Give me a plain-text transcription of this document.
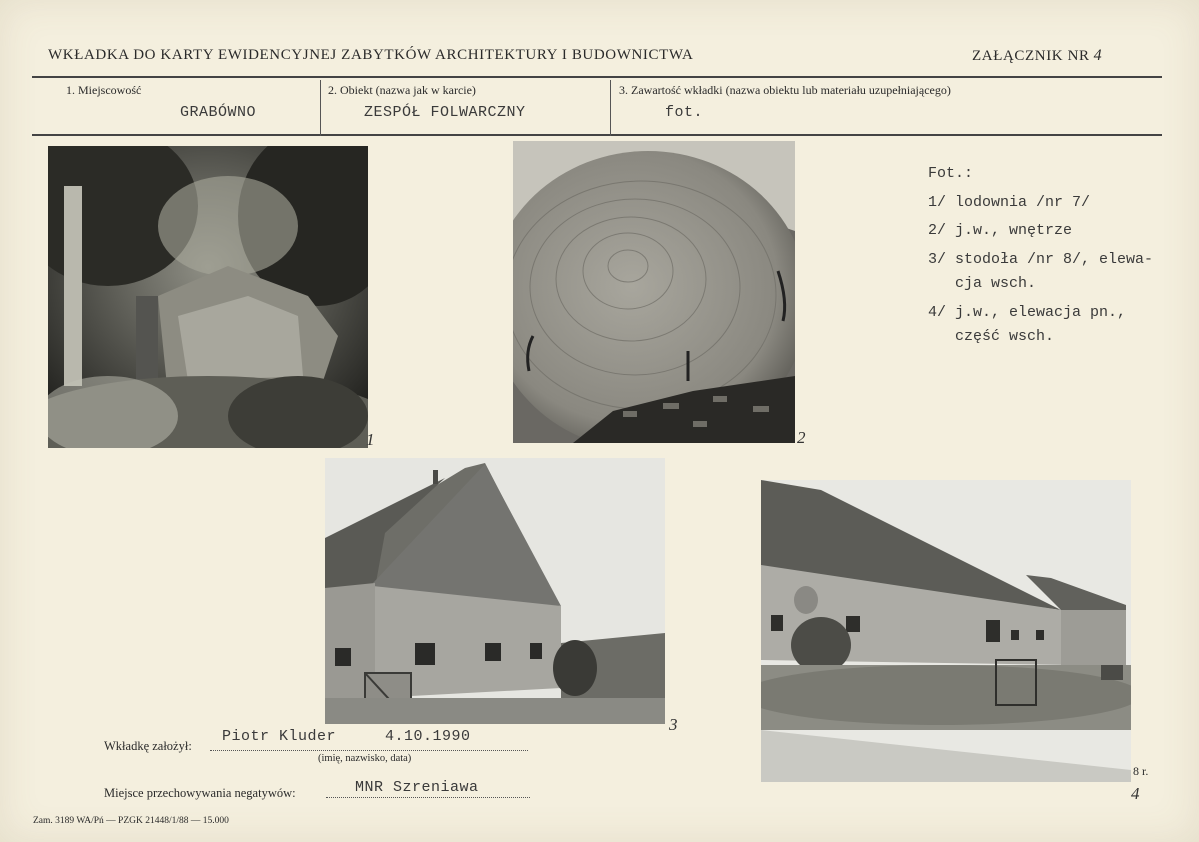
WKŁADKA DO KARTY EWIDENCYJNEJ ZABYTKÓW ARCHITEKTURY I BUDOWNICTWA	ZAŁĄCZNIK NR 4
1. Miejscowość
GRABÓWNO
2. Obiekt (nazwa jak w karcie)
ZESPÓŁ FOLWARCZNY
3. Zawartość wkładki (nazwa obiektu lub materiału uzupełniającego)
fot.
1	2
Fot.:
1/ lodownia /nr 7/
2/ j.w., wnętrze
3/ stodoła /nr 8/, elewa-
cja wsch.
4/ j.w., elewacja pn.,
część wsch.
3
8 r.
4
Wkładkę założył:
Piotr Kluder	4.10.1990
(imię, nazwisko, data)
Miejsce przechowywania negatywów:	MNR Szreniawa
Zam. 3189 WA/Pń — PZGK 21448/1/88 — 15.000
